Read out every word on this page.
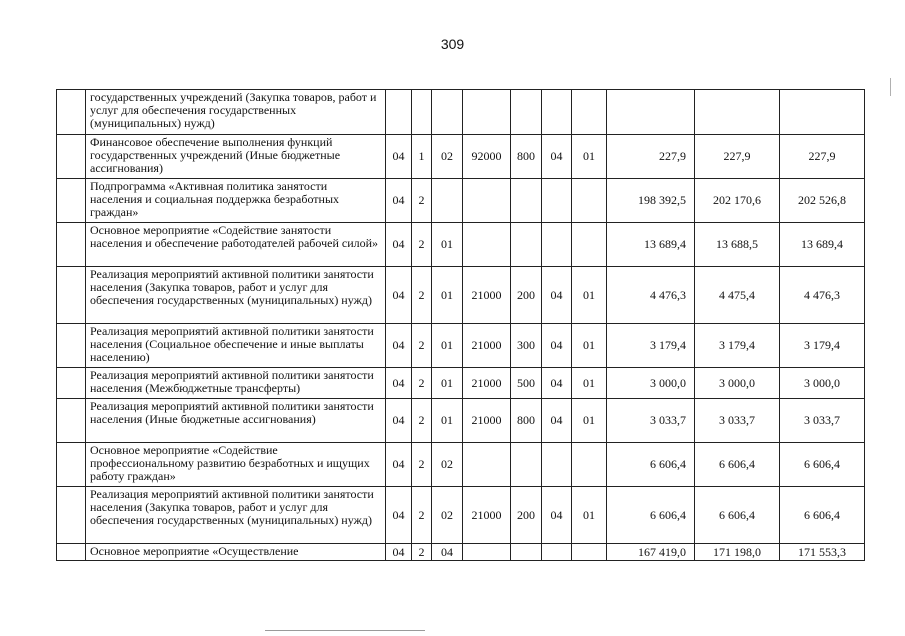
309
	государственных учреждений (Закупка товаров, работ и услуг для обеспечения государственных (муниципальных) нужд)										
	Финансовое обеспечение выполнения функций государственных учреждений (Иные бюджетные ассигнования)	04	1	02	92000	800	04	01	227,9	227,9	227,9
	Подпрограмма «Активная политика занятости населения и социальная поддержка безработных граждан»	04	2						198 392,5	202 170,6	202 526,8
	Основное мероприятие «Содействие занятости населения и обеспечение работодателей рабочей силой»	04	2	01					13 689,4	13 688,5	13 689,4
	Реализация мероприятий активной политики занятости населения (Закупка товаров, работ и услуг для обеспечения государственных (муниципальных) нужд)	04	2	01	21000	200	04	01	4 476,3	4 475,4	4 476,3
	Реализация мероприятий активной политики занятости населения (Социальное обеспечение и иные выплаты населению)	04	2	01	21000	300	04	01	3 179,4	3 179,4	3 179,4
	Реализация мероприятий активной политики занятости населения (Межбюджетные трансферты)	04	2	01	21000	500	04	01	3 000,0	3 000,0	3 000,0
	Реализация мероприятий активной политики занятости населения (Иные бюджетные ассигнования)	04	2	01	21000	800	04	01	3 033,7	3 033,7	3 033,7
	Основное мероприятие «Содействие профессиональному развитию безработных и ищущих работу граждан»	04	2	02					6 606,4	6 606,4	6 606,4
	Реализация мероприятий активной политики занятости населения (Закупка товаров, работ и услуг для обеспечения государственных (муниципальных) нужд)	04	2	02	21000	200	04	01	6 606,4	6 606,4	6 606,4
	Основное мероприятие «Осуществление	04	2	04					167 419,0	171 198,0	171 553,3
